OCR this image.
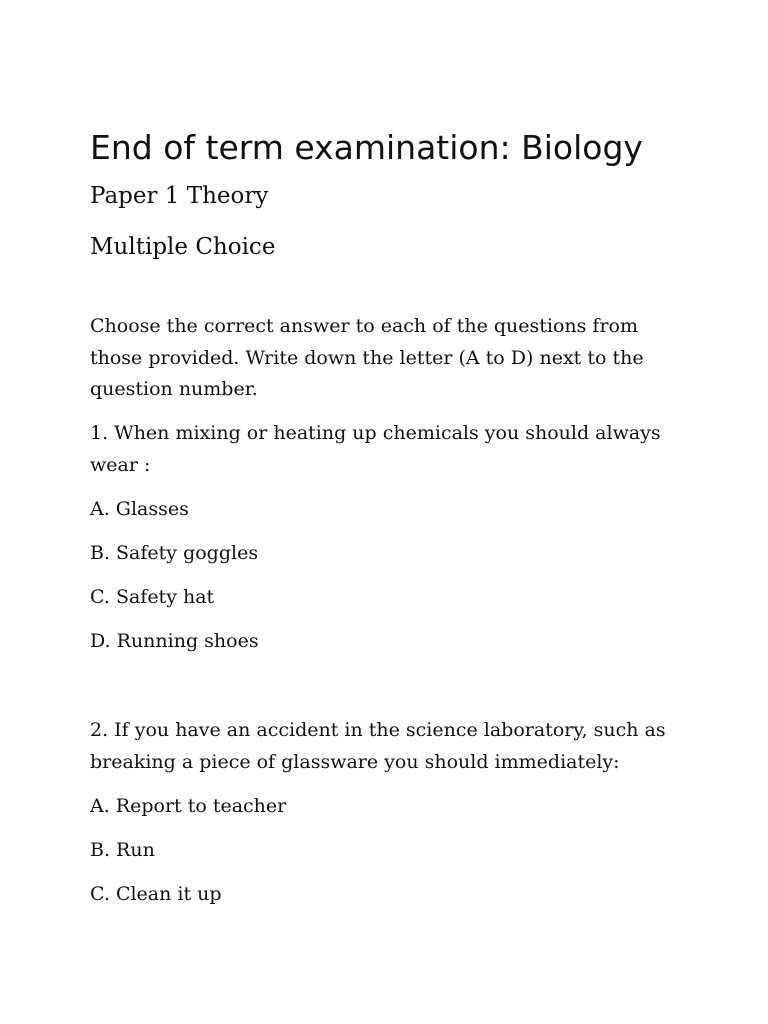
End of term examination: Biology

Paper 1 Theory

Multiple Choice

Choose the correct answer to each of the questions from those provided. Write down the letter (A to D) next to the question number.

1. When mixing or heating up chemicals you should always wear :

A. Glasses

B. Safety goggles

C. Safety hat

D. Running shoes

2. If you have an accident in the science laboratory, such as breaking a piece of glassware you should immediately:

A. Report to teacher

B. Run

C. Clean it up
